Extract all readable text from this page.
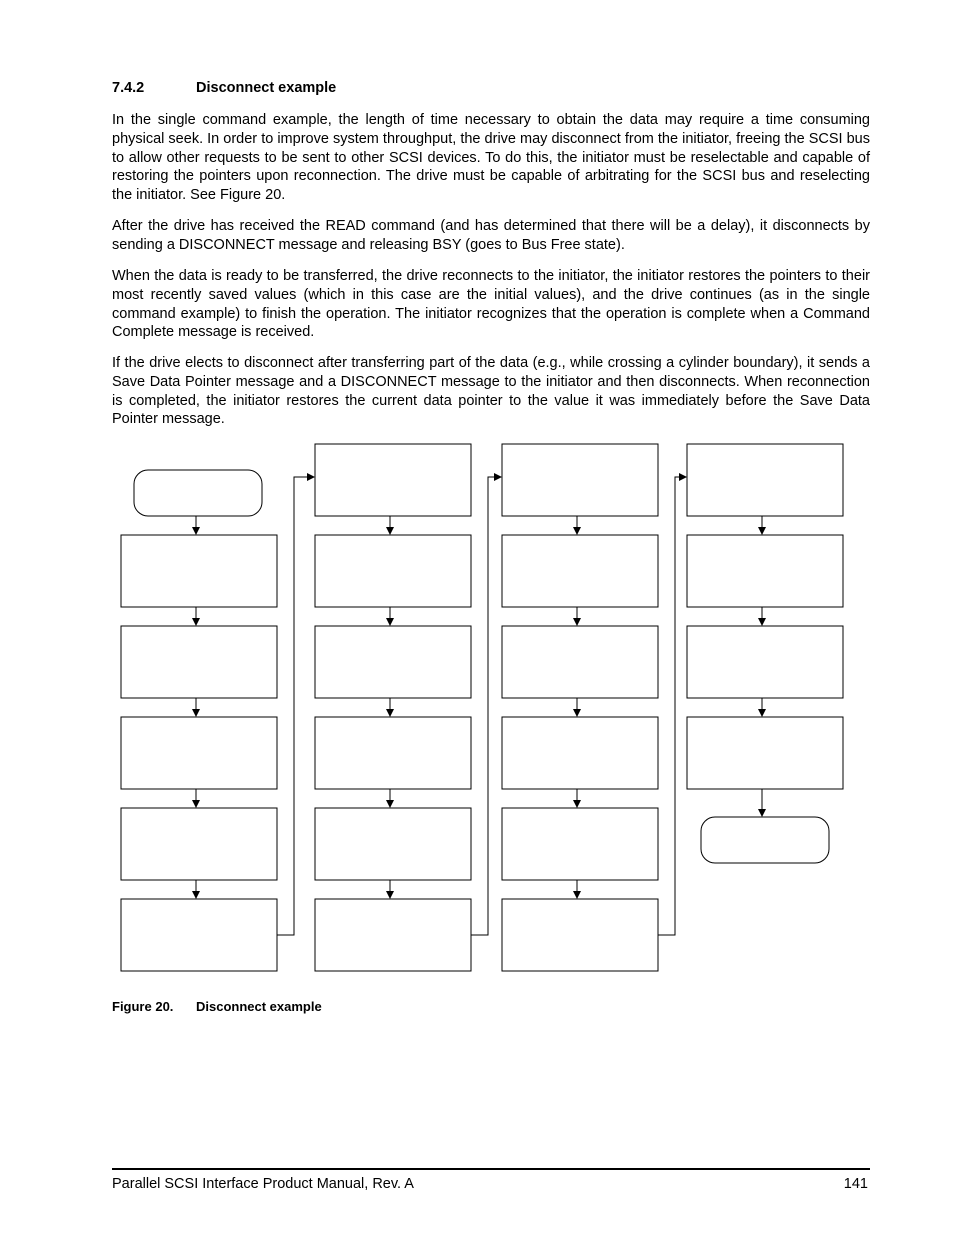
7.4.2	Disconnect example

In the single command example, the length of time necessary to obtain the data may require a time consuming physical seek. In order to improve system throughput, the drive may disconnect from the initiator, freeing the SCSI bus to allow other requests to be sent to other SCSI devices. To do this, the initiator must be reselectable and capable of restoring the pointers upon reconnection. The drive must be capable of arbitrating for the SCSI bus and reselecting the initiator. See Figure 20.

After the drive has received the READ command (and has determined that there will be a delay), it disconnects by sending a DISCONNECT message and releasing BSY (goes to Bus Free state).

When the data is ready to be transferred, the drive reconnects to the initiator, the initiator restores the pointers to their most recently saved values (which in this case are the initial values), and the drive continues (as in the single command example) to finish the operation. The initiator recognizes that the operation is complete when a Command Complete message is received.

If the drive elects to disconnect after transferring part of the data (e.g., while crossing a cylinder boundary), it sends a Save Data Pointer message and a DISCONNECT message to the initiator and then disconnects. When reconnection is completed, the initiator restores the current data pointer to the value it was immediately before the Save Data Pointer message.

Figure 20. Disconnect example
Parallel SCSI Interface Product Manual, Rev. A	141
